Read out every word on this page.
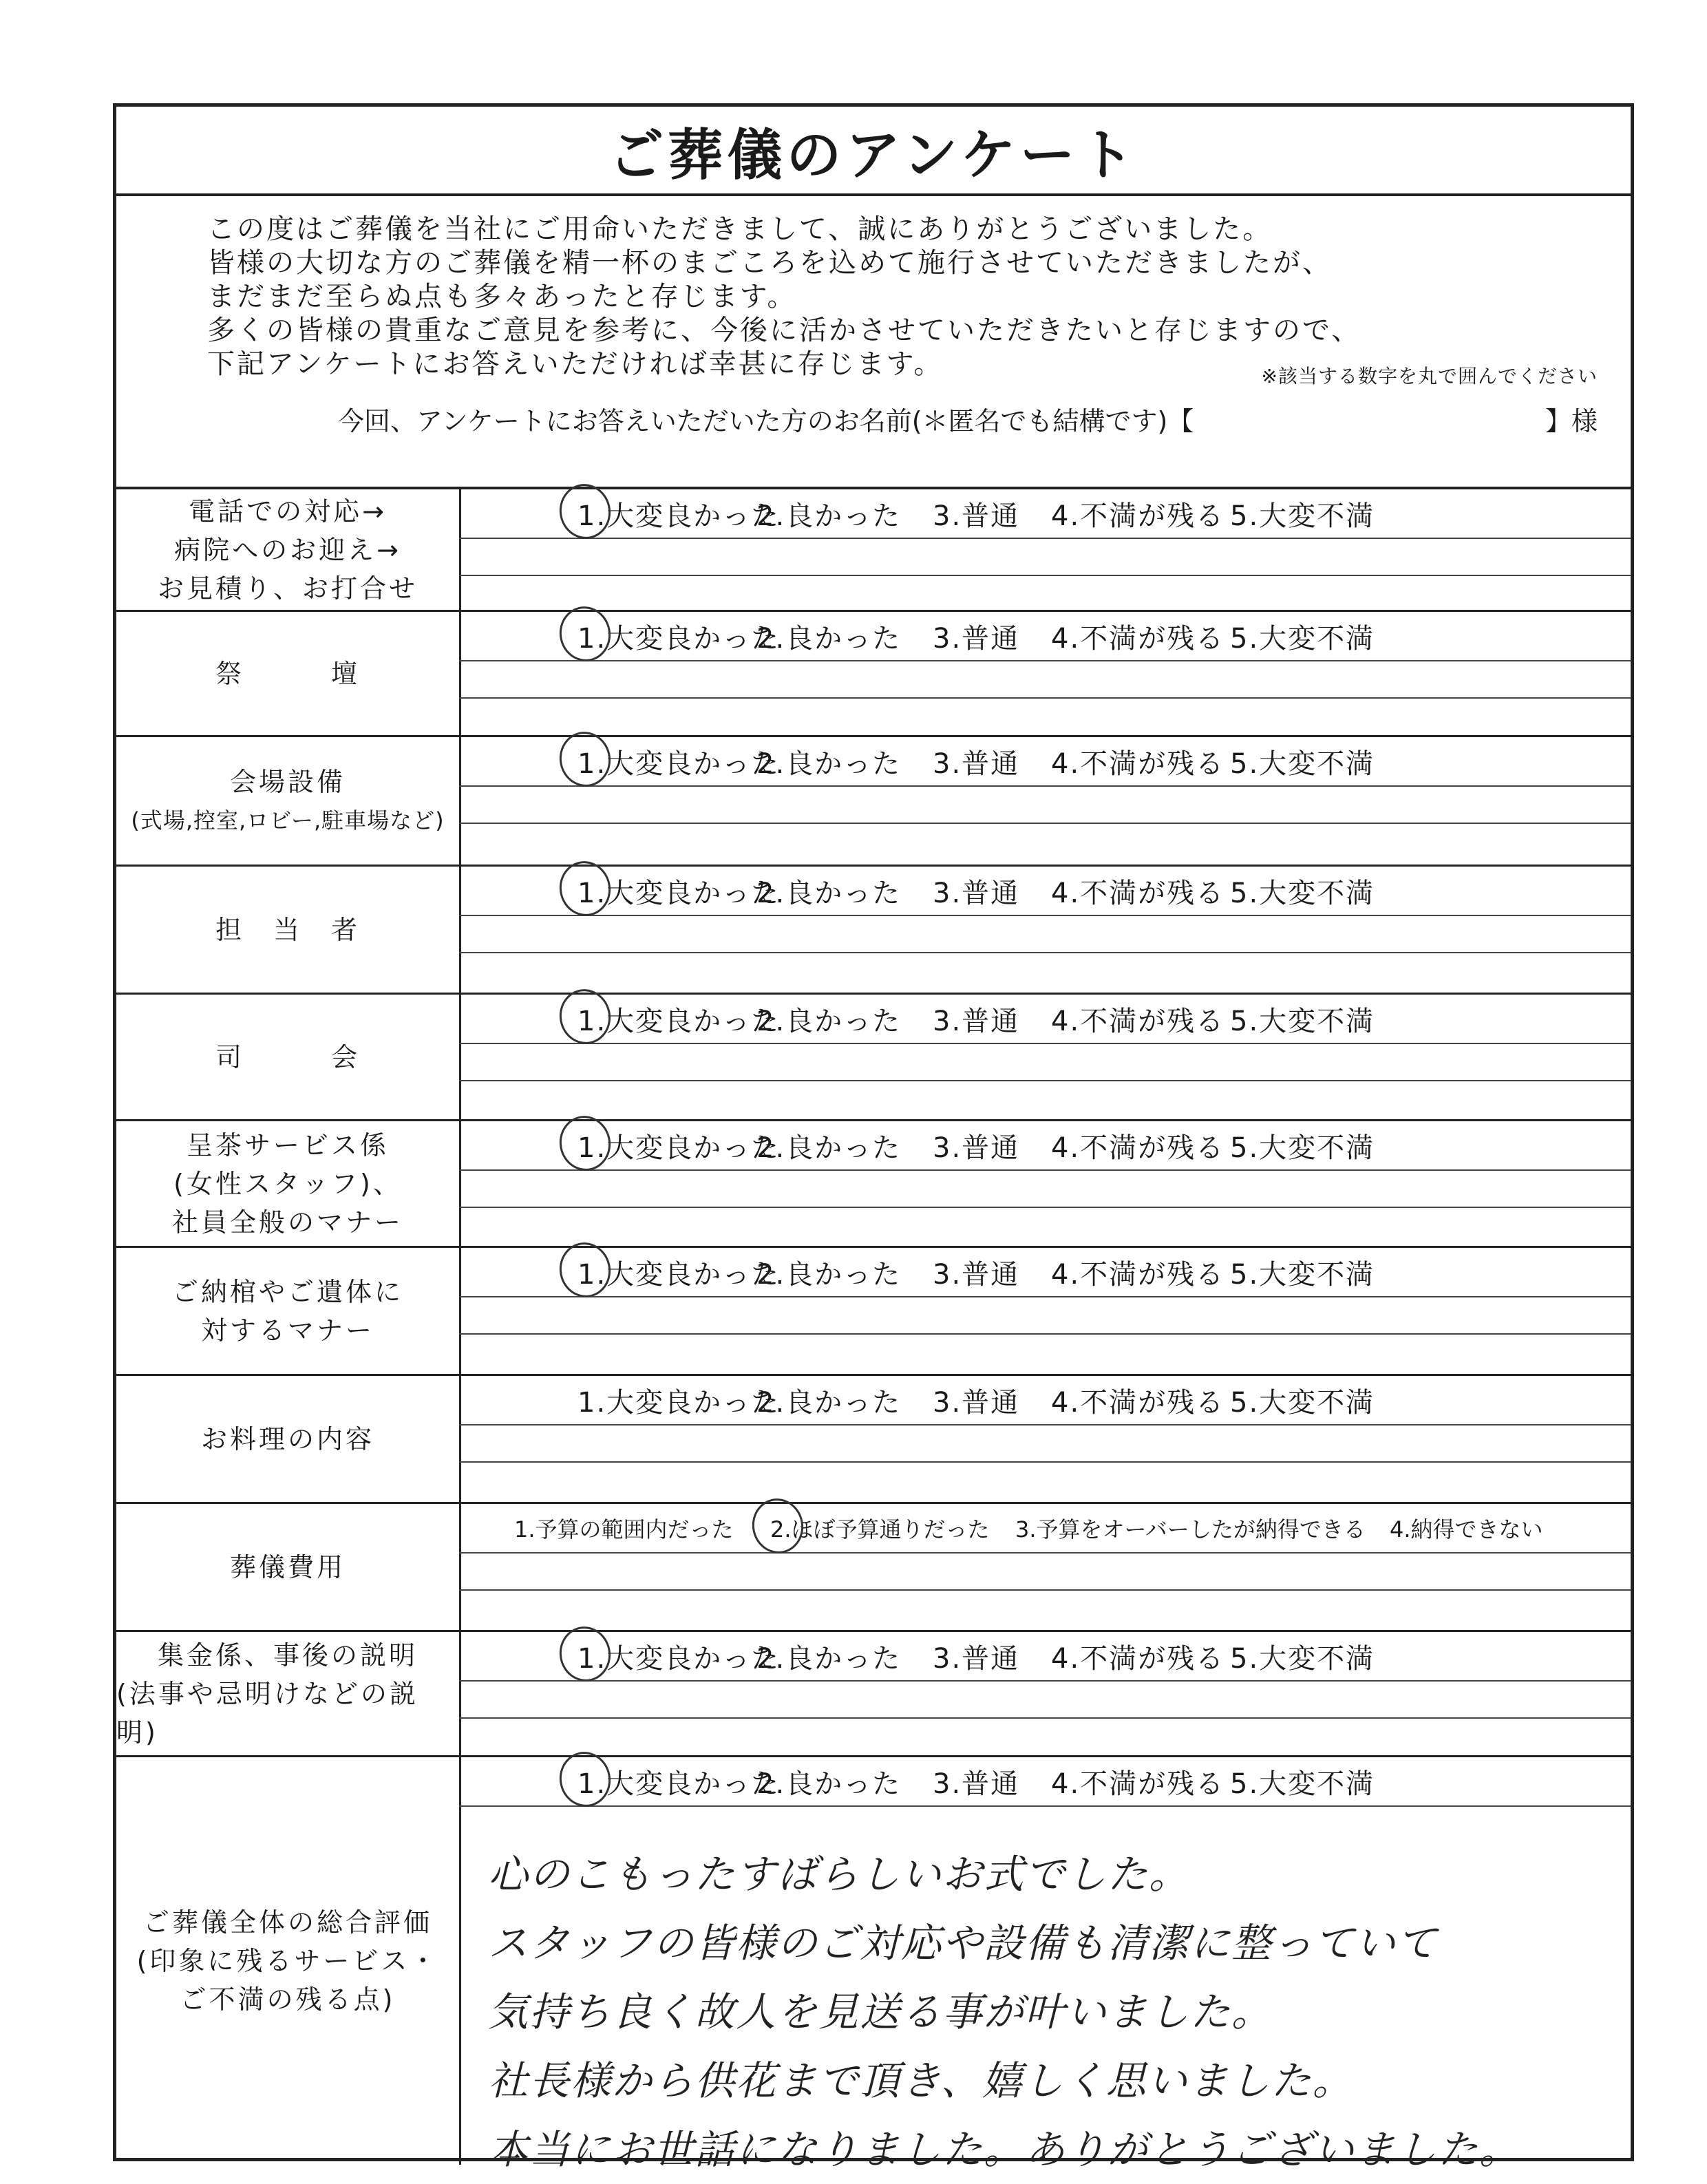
ご葬儀のアンケート
この度はご葬儀を当社にご用命いただきまして、誠にありがとうございました。
皆様の大切な方のご葬儀を精一杯のまごころを込めて施行させていただきましたが、
まだまだ至らぬ点も多々あったと存じます。
多くの皆様の貴重なご意見を参考に、今後に活かさせていただきたいと存じますので、
下記アンケートにお答えいただければ幸甚に存じます。	※該当する数字を丸で囲んでください
今回、アンケートにお答えいただいた方のお名前(＊匿名でも結構です)【	】様
電話での対応→
病院へのお迎え→
お見積り、お打合せ
1.大変良かった
2.良かった 3.普通 4.不満が残る 5.大変不満
祭　　　壇
1.大変良かった
2.良かった 3.普通 4.不満が残る 5.大変不満
会場設備
(式場,控室,ロビー,駐車場など)
1.大変良かった
2.良かった 3.普通 4.不満が残る 5.大変不満
担　当　者
1.大変良かった
2.良かった 3.普通 4.不満が残る 5.大変不満
司　　　会
1.大変良かった
2.良かった 3.普通 4.不満が残る 5.大変不満
呈茶サービス係
(女性スタッフ)、
社員全般のマナー
1.大変良かった
2.良かった 3.普通 4.不満が残る 5.大変不満
ご納棺やご遺体に
対するマナー
1.大変良かった
2.良かった 3.普通 4.不満が残る 5.大変不満
お料理の内容
1.大変良かった
2.良かった 3.普通 4.不満が残る 5.大変不満
葬儀費用
1.予算の範囲内だった 2.ほぼ予算通りだった 3.予算をオーバーしたが納得できる 4.納得できない
集金係、事後の説明
(法事や忌明けなどの説明)
1.大変良かった
2.良かった 3.普通 4.不満が残る 5.大変不満
ご葬儀全体の総合評価
(印象に残るサービス・
ご不満の残る点)
1.大変良かった
2.良かった 3.普通 4.不満が残る 5.大変不満
心のこもったすばらしいお式でした。
スタッフの皆様のご対応や設備も清潔に整っていて
気持ち良く故人を見送る事が叶いました。
社長様から供花まで頂き、嬉しく思いました。
本当にお世話になりました。ありがとうございました。
